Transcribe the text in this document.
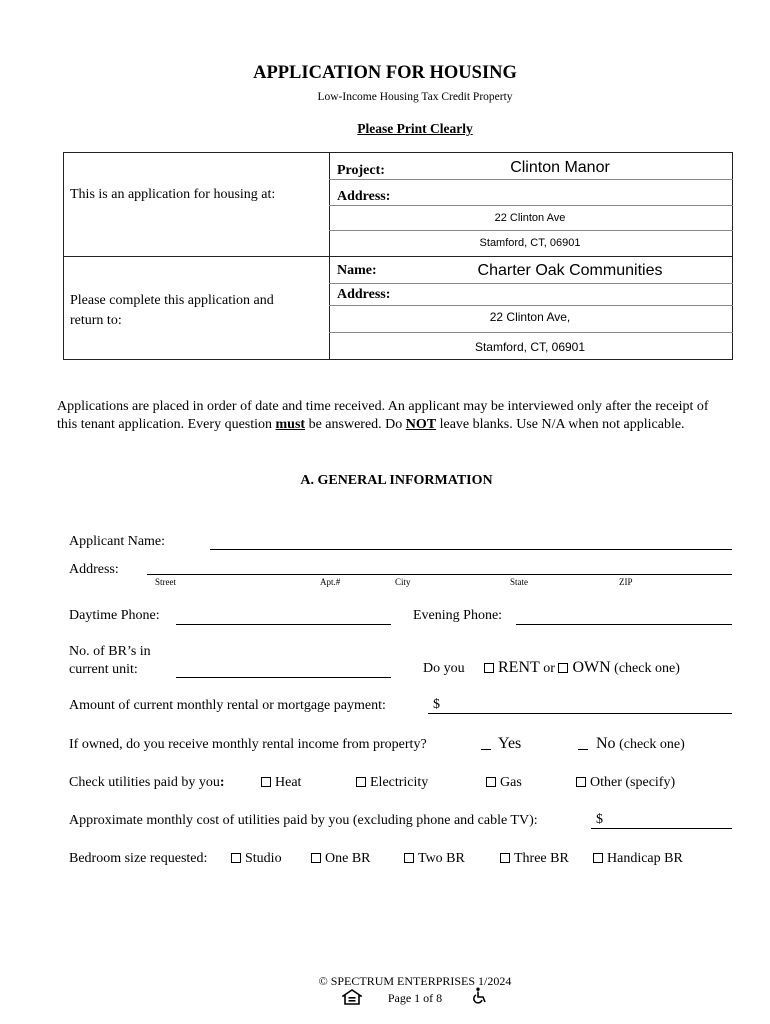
APPLICATION FOR HOUSING
Low-Income Housing Tax Credit Property
Please Print Clearly
This is an application for housing at:
Project:	Clinton Manor
Address:
22 Clinton Ave
Stamford, CT, 06901
Please complete this application and return to:
Name:	Charter Oak Communities
Address:
22 Clinton Ave,
Stamford, CT, 06901
Applications are placed in order of date and time received. An applicant may be interviewed only after the receipt of this tenant application. Every question must be answered. Do NOT leave blanks. Use N/A when not applicable.
A. GENERAL INFORMATION
Applicant Name:
Address:
Street	Apt.#	City	State	ZIP
Daytime Phone:	Evening Phone:
No. of BR’s in
current unit:	Do you	RENT or OWN (check one)
Amount of current monthly rental or mortgage payment:	$
If owned, do you receive monthly rental income from property?	Yes	No (check one)
Check utilities paid by you:	Heat	Electricity	Gas	Other (specify)
Approximate monthly cost of utilities paid by you (excluding phone and cable TV):	$
Bedroom size requested:	Studio	One BR	Two BR	Three BR	Handicap BR
© SPECTRUM ENTERPRISES 1/2024
Page 1 of 8
